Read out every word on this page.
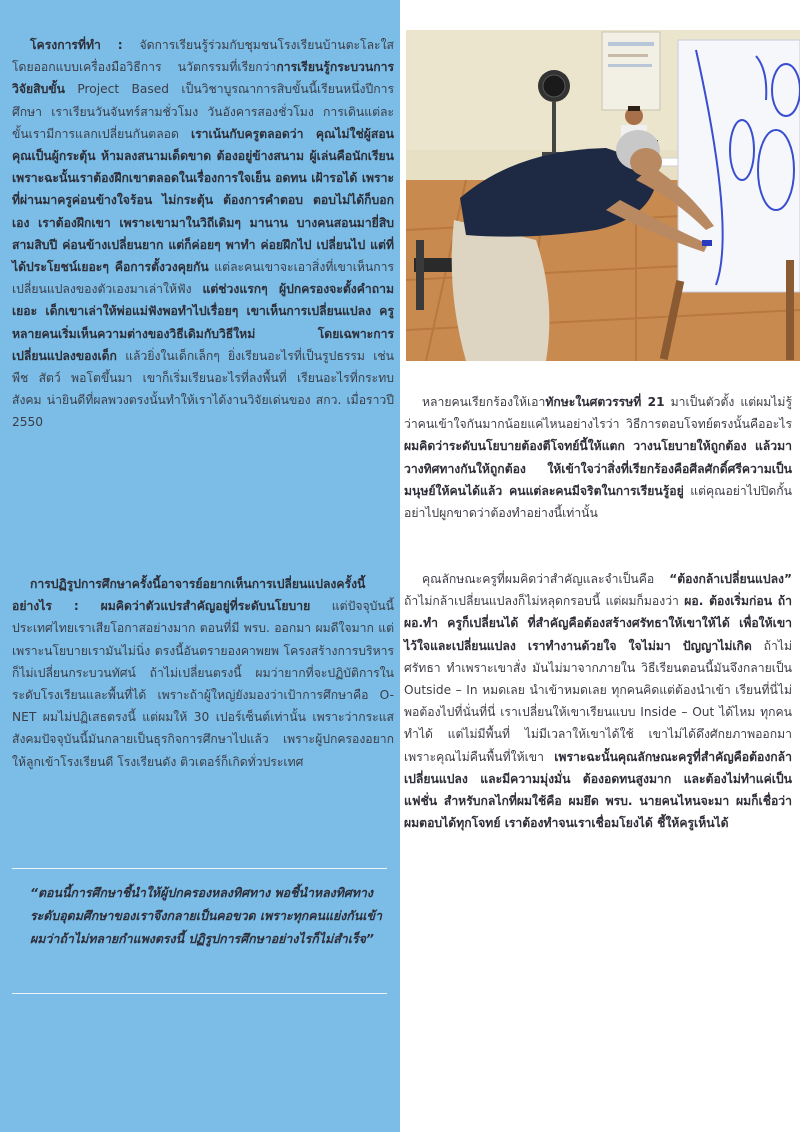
โครงการที่ทำ : จัดการเรียนรู้ร่วมกับชุมชนโรงเรียนบ้านตะโละใส โดยออกแบบเครื่องมือวิธีการ นวัตกรรมที่เรียกว่าการเรียนรู้กระบวนการวิจัยสิบขั้น Project Based เป็นวิชาบูรณาการสิบขั้นนี้เรียนหนึ่งปีการศึกษา เราเรียนวันจันทร์สามชั่วโมง วันอังคารสองชั่วโมง การเดินแต่ละขั้นเรามีการแลกเปลี่ยนกันตลอด เราเน้นกับครูตลอดว่า คุณไม่ใช่ผู้สอน คุณเป็นผู้กระตุ้น ห้ามลงสนามเด็ดขาด ต้องอยู่ข้างสนาม ผู้เล่นคือนักเรียน เพราะฉะนั้นเราต้องฝึกเขาตลอดในเรื่องการใจเย็น อดทน เฝ้ารอได้ เพราะที่ผ่านมาครูค่อนข้างใจร้อน ไม่กระตุ้น ต้องการคำตอบ ตอบไม่ได้ก็บอกเอง เราต้องฝึกเขา เพราะเขามาในวิถีเดิมๆ มานาน บางคนสอนมายี่สิบสามสิบปี ค่อนข้างเปลี่ยนยาก แต่ก็ค่อยๆ พาทำ ค่อยฝึกไป เปลี่ยนไป แต่ที่ได้ประโยชน์เยอะๆ คือการตั้งวงคุยกัน แต่ละคนเขาจะเอาสิ่งที่เขาเห็นการเปลี่ยนแปลงของตัวเองมาเล่าให้ฟัง แต่ช่วงแรกๆ ผู้ปกครองจะตั้งคำถามเยอะ เด็กเขาเล่าให้พ่อแม่ฟังพอทำไปเรื่อยๆ เขาเห็นการเปลี่ยนแปลง ครูหลายคนเริ่มเห็นความต่างของวิธีเดิมกับวิธีใหม่ โดยเฉพาะการเปลี่ยนแปลงของเด็ก แล้วยิ่งในเด็กเล็กๆ ยิ่งเรียนอะไรที่เป็นรูปธรรม เช่น พืช สัตว์ พอโตขึ้นมา เขาก็เริ่มเรียนอะไรที่ลงพื้นที่ เรียนอะไรที่กระทบสังคม น่ายินดีที่ผลพวงตรงนั้นทำให้เราได้งานวิจัยเด่นของ สกว. เมื่อราวปี 2550

การปฏิรูปการศึกษาครั้งนี้อาจารย์อยากเห็นการเปลี่ยนแปลงครั้งนี้อย่างไร : ผมคิดว่าตัวแปรสำคัญอยู่ที่ระดับนโยบาย แต่ปัจจุบันนี้ประเทศไทยเราเสียโอกาสอย่างมาก ตอนที่มี พรบ. ออกมา ผมดีใจมาก แต่เพราะนโยบายเรามันไม่นิ่ง ตรงนี้อันตรายองคาพยพ โครงสร้างการบริหารก็ไม่เปลี่ยนกระบวนทัศน์ ถ้าไม่เปลี่ยนตรงนี้ ผมว่ายากที่จะปฏิบัติการในระดับโรงเรียนและพื้นที่ได้ เพราะถ้าผู้ใหญ่ยังมองว่าเป้าการศึกษาคือ O-NET ผมไม่ปฏิเสธตรงนี้ แต่ผมให้ 30 เปอร์เซ็นต์เท่านั้น เพราะว่ากระแสสังคมปัจจุบันนี้มันกลายเป็นธุรกิจการศึกษาไปแล้ว เพราะผู้ปกครองอยากให้ลูกเข้าโรงเรียนดี โรงเรียนดัง ติวเตอร์ก็เกิดทั่วประเทศ

“ตอนนี้การศึกษาชี้นำให้ผู้ปกครองหลงทิศทาง พอชี้นำหลงทิศทาง ระดับอุดมศึกษาของเราจึงกลายเป็นคอขวด เพราะทุกคนแย่งกันเข้า ผมว่าถ้าไม่ทลายกำแพงตรงนี้ ปฏิรูปการศึกษาอย่างไรก็ไม่สำเร็จ”

หลายคนเรียกร้องให้เอาทักษะในศตวรรษที่ 21 มาเป็นตัวตั้ง แต่ผมไม่รู้ว่าคนเข้าใจกันมากน้อยแค่ไหนอย่างไรว่า วิธีการตอบโจทย์ตรงนั้นคืออะไร ผมคิดว่าระดับนโยบายต้องตีโจทย์นี้ให้แตก วางนโยบายให้ถูกต้อง แล้วมาวางทิศทางกันให้ถูกต้อง ให้เข้าใจว่าสิ่งที่เรียกร้องคือศีลศักดิ์ศรีความเป็นมนุษย์ให้คนได้แล้ว คนแต่ละคนมีจริตในการเรียนรู้อยู่ แต่คุณอย่าไปปิดกั้น อย่าไปผูกขาดว่าต้องทำอย่างนี้เท่านั้น

คุณลักษณะครูที่ผมคิดว่าสำคัญและจำเป็นคือ “ต้องกล้าเปลี่ยนแปลง” ถ้าไม่กล้าเปลี่ยนแปลงก็ไม่หลุดกรอบนี้ แต่ผมก็มองว่า ผอ. ต้องเริ่มก่อน ถ้า ผอ.ทำ ครูก็เปลี่ยนได้ ที่สำคัญคือต้องสร้างศรัทธาให้เขาให้ได้ เพื่อให้เขาไว้ใจและเปลี่ยนแปลง เราทำงานด้วยใจ ใจไม่มา ปัญญาไม่เกิด ถ้าไม่ศรัทธา ทำเพราะเขาสั่ง มันไม่มาจากภายใน วิธีเรียนตอนนี้มันจึงกลายเป็น Outside – In หมดเลย นำเข้าหมดเลย ทุกคนคิดแต่ต้องนำเข้า เรียนที่นี่ไม่พอต้องไปที่นั่นที่นี่ เราเปลี่ยนให้เขาเรียนแบบ Inside – Out ได้ไหม ทุกคนทำได้ แต่ไม่มีพื้นที่ ไม่มีเวลาให้เขาได้ใช้ เขาไม่ได้ดึงศักยภาพออกมา เพราะคุณไม่คืนพื้นที่ให้เขา เพราะฉะนั้นคุณลักษณะครูที่สำคัญคือต้องกล้าเปลี่ยนแปลง และมีความมุ่งมั่น ต้องอดทนสูงมาก และต้องไม่ทำแค่เป็นแฟชั่น สำหรับกลไกที่ผมใช้คือ ผมยึด พรบ. นายคนไหนจะมา ผมก็เชื่อว่าผมตอบได้ทุกโจทย์ เราต้องทำจนเราเชื่อมโยงได้ ชี้ให้ครูเห็นได้
